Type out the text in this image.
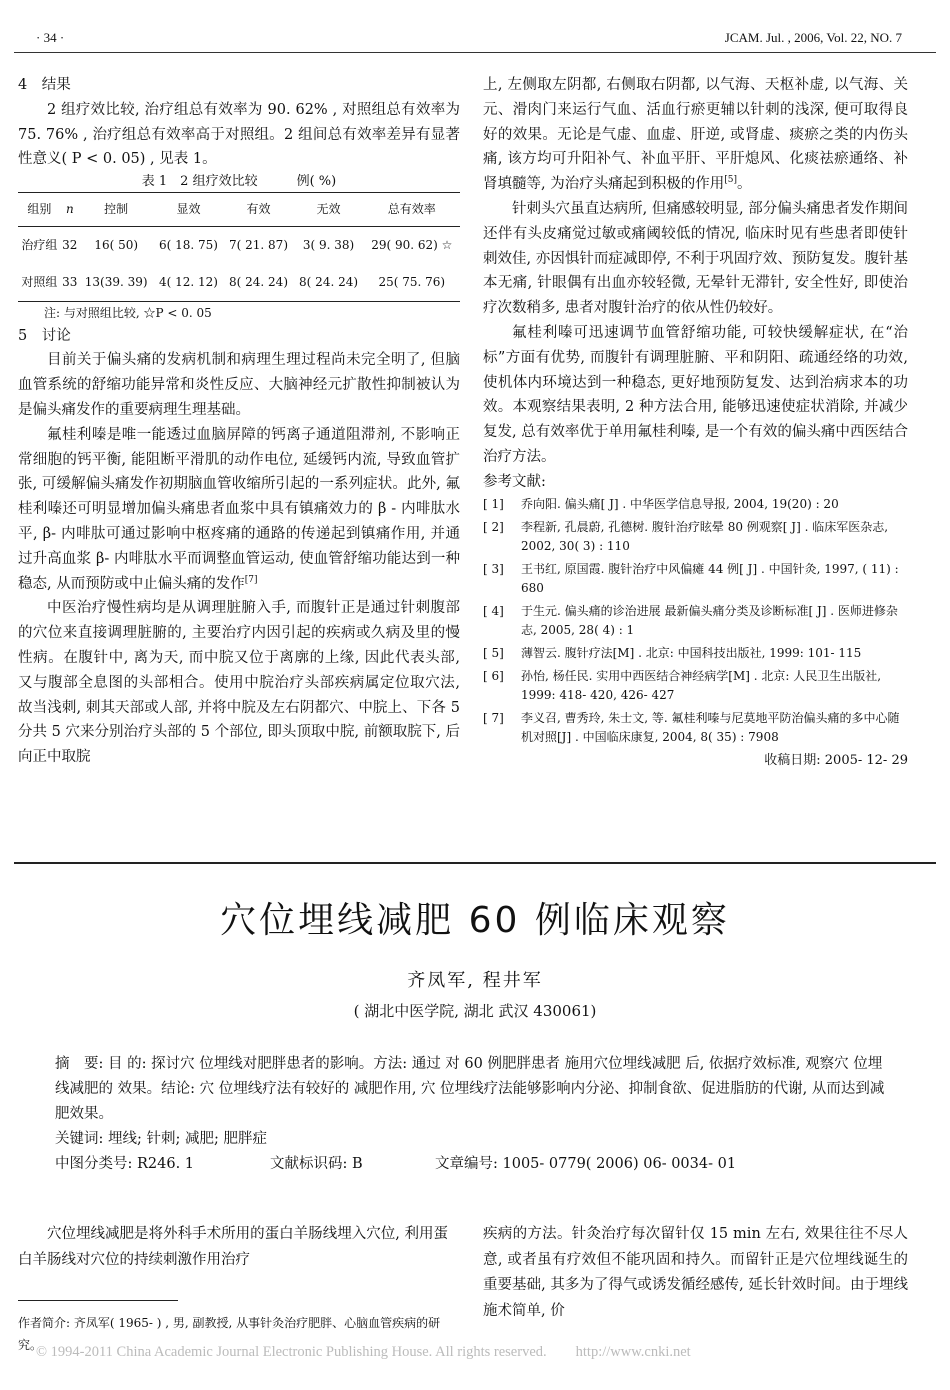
· 34 ·	JCAM. Jul. , 2006, Vol. 22, NO. 7

4　结果

2 组疗效比较, 治疗组总有效率为 90. 62% , 对照组总有效率为 75. 76% , 治疗组总有效率高于对照组。2 组间总有效率差异有显著性意义( P < 0. 05) , 见表 1。

表 1　2 组疗效比较　　　例( %)

组别	n	控制	显效	有效	无效	总有效率
治疗组	32	16( 50)	6( 18. 75)	7( 21. 87)	3( 9. 38)	29( 90. 62) ☆
对照组	33	13(39. 39)	4( 12. 12)	8( 24. 24)	8( 24. 24)	25( 75. 76)

注: 与对照组比较, ☆P < 0. 05

5　讨论

目前关于偏头痛的发病机制和病理生理过程尚未完全明了, 但脑血管系统的舒缩功能异常和炎性反应、大脑神经元扩散性抑制被认为是偏头痛发作的重要病理生理基础。

氟桂利嗪是唯一能透过血脑屏障的钙离子通道阻滞剂, 不影响正常细胞的钙平衡, 能阻断平滑肌的动作电位, 延缓钙内流, 导致血管扩张, 可缓解偏头痛发作初期脑血管收缩所引起的一系列症状。此外, 氟桂利嗪还可明显增加偏头痛患者血浆中具有镇痛效力的 β - 内啡肽水平, β- 内啡肽可通过影响中枢疼痛的通路的传递起到镇痛作用, 并通过升高血浆 β- 内啡肽水平而调整血管运动, 使血管舒缩功能达到一种稳态, 从而预防或中止偏头痛的发作[7]

中医治疗慢性病均是从调理脏腑入手, 而腹针正是通过针刺腹部的穴位来直接调理脏腑的, 主要治疗内因引起的疾病或久病及里的慢性病。在腹针中, 离为天, 而中脘又位于离廓的上缘, 因此代表头部, 又与腹部全息图的头部相合。使用中脘治疗头部疾病属定位取穴法, 故当浅刺, 刺其天部或人部, 并将中脘及左右阴都穴、中脘上、下各 5 分共 5 穴来分别治疗头部的 5 个部位, 即头顶取中脘, 前额取脘下, 后向正中取脘

上, 左侧取左阴都, 右侧取右阴都, 以气海、天枢补虚, 以气海、关元、滑肉门来运行气血、活血行瘀更辅以针刺的浅深, 便可取得良好的效果。无论是气虚、血虚、肝逆, 或肾虚、痰瘀之类的内伤头痛, 该方均可升阳补气、补血平肝、平肝熄风、化痰祛瘀通络、补肾填髓等, 为治疗头痛起到积极的作用[5]。

针刺头穴虽直达病所, 但痛感较明显, 部分偏头痛患者发作期间还伴有头皮痛觉过敏或痛阈较低的情况, 临床时见有些患者即使针刺效佳, 亦因惧针而症减即停, 不利于巩固疗效、预防复发。腹针基本无痛, 针眼偶有出血亦较轻微, 无晕针无滞针, 安全性好, 即使治疗次数稍多, 患者对腹针治疗的依从性仍较好。

氟桂利嗪可迅速调节血管舒缩功能, 可较快缓解症状, 在“治标”方面有优势, 而腹针有调理脏腑、平和阴阳、疏通经络的功效, 使机体内环境达到一种稳态, 更好地预防复发、达到治病求本的功效。本观察结果表明, 2 种方法合用, 能够迅速使症状消除, 并减少复发, 总有效率优于单用氟桂利嗪, 是一个有效的偏头痛中西医结合治疗方法。

参考文献:

[ 1]	乔向阳. 偏头痛[ J] . 中华医学信息导报, 2004, 19(20) : 20
[ 2]	李程新, 孔晨蔚, 孔德树. 腹针治疗眩晕 80 例观察[ J] . 临床军医杂志, 2002, 30( 3) : 110
[ 3]	王书红, 原国霞. 腹针治疗中风偏瘫 44 例[ J] . 中国针灸, 1997, ( 11) : 680
[ 4]	于生元. 偏头痛的诊治进展 最新偏头痛分类及诊断标准[ J] . 医师进修杂志, 2005, 28( 4) : 1
[ 5]	薄智云. 腹针疗法[M] . 北京: 中国科技出版社, 1999: 101- 115
[ 6]	孙怡, 杨任民. 实用中西医结合神经病学[M] . 北京: 人民卫生出版社, 1999: 418- 420, 426- 427
[ 7]	李义召, 曹秀玲, 朱士文, 等. 氟桂利嗪与尼莫地平防治偏头痛的多中心随机对照[J] . 中国临床康复, 2004, 8( 35) : 7908

收稿日期: 2005- 12- 29

穴位埋线减肥 60 例临床观察
齐凤军, 程井军
( 湖北中医学院, 湖北 武汉 430061)

摘　要: 目 的: 探讨穴 位埋线对肥胖患者的影响。方法: 通过 对 60 例肥胖患者 施用穴位埋线减肥 后, 依据疗效标准, 观察穴 位埋线减肥的 效果。结论: 穴 位埋线疗法有较好的 减肥作用, 穴 位埋线疗法能够影响内分泌、抑制食欲、促进脂肪的代谢, 从而达到减肥效果。

关键词: 埋线; 针刺; 减肥; 肥胖症

中图分类号: R246. 1	文献标识码: B	文章编号: 1005- 0779( 2006) 06- 0034- 01

穴位埋线减肥是将外科手术所用的蛋白羊肠线埋入穴位, 利用蛋白羊肠线对穴位的持续刺激作用治疗

疾病的方法。针灸治疗每次留针仅 15 min 左右, 效果往往不尽人意, 或者虽有疗效但不能巩固和持久。而留针正是穴位埋线诞生的重要基础, 其多为了得气或诱发循经感传, 延长针效时间。由于埋线施术简单, 价

作者简介: 齐凤军( 1965- ) , 男, 副教授, 从事针灸治疗肥胖、心脑血管疾病的研究。
© 1994-2011 China Academic Journal Electronic Publishing House. All rights reserved.　　http://www.cnki.net
